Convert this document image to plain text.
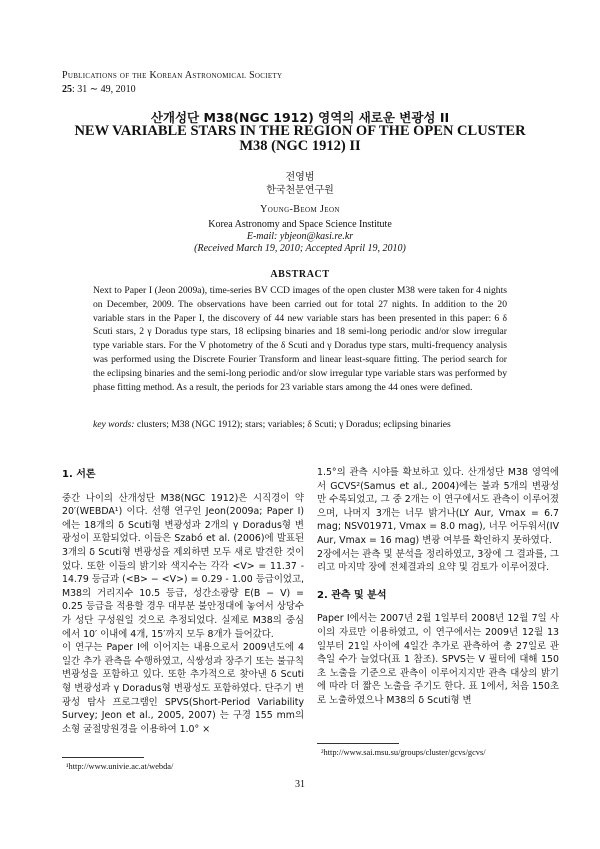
Publications of the Korean Astronomical Society
25: 31 ∼ 49, 2010
산개성단 M38(NGC 1912) 영역의 새로운 변광성 II
NEW VARIABLE STARS IN THE REGION OF THE OPEN CLUSTER M38 (NGC 1912) II
전영범
한국천문연구원
Young-Beom Jeon
Korea Astronomy and Space Science Institute
E-mail: ybjeon@kasi.re.kr
(Received March 19, 2010; Accepted April 19, 2010)
ABSTRACT
Next to Paper I (Jeon 2009a), time-series BV CCD images of the open cluster M38 were taken for 4 nights on December, 2009. The observations have been carried out for total 27 nights. In addition to the 20 variable stars in the Paper I, the discovery of 44 new variable stars has been presented in this paper: 6 δ Scuti stars, 2 γ Doradus type stars, 18 eclipsing binaries and 18 semi-long periodic and/or slow irregular type variable stars. For the V photometry of the δ Scuti and γ Doradus type stars, multi-frequency analysis was performed using the Discrete Fourier Transform and linear least-square fitting. The period search for the eclipsing binaries and the semi-long periodic and/or slow irregular type variable stars was performed by phase fitting method. As a result, the periods for 23 variable stars among the 44 ones were defined.
key words: clusters; M38 (NGC 1912); stars; variables; δ Scuti; γ Doradus; eclipsing binaries

1. 서론

중간 나이의 산개성단 M38(NGC 1912)은 시직경이 약 20′(WEBDA¹) 이다. 선행 연구인 Jeon(2009a; Paper I) 에는 18개의 δ Scuti형 변광성과 2개의 γ Doradus형 변광성이 포함되었다. 이들은 Szabó et al. (2006)에 발표된 3개의 δ Scuti형 변광성을 제외하면 모두 새로 발견한 것이었다. 또한 이들의 밝기와 색지수는 각각 <V> = 11.37 - 14.79 등급과 (<B> − <V>) = 0.29 - 1.00 등급이었고, M38의 거리지수 10.5 등급, 성간소광량 E(B − V) = 0.25 등급을 적용할 경우 대부분 불안정대에 놓여서 상당수가 성단 구성원일 것으로 추정되었다. 실제로 M38의 중심에서 10′ 이내에 4개, 15′까지 모두 8개가 들어갔다.

이 연구는 Paper I에 이어지는 내용으로서 2009년도에 4일간 추가 관측을 수행하였고, 식쌍성과 장주기 또는 불규칙 변광성을 포함하고 있다. 또한 추가적으로 찾아낸 δ Scuti형 변광성과 γ Doradus형 변광성도 포함하였다. 단주기 변광성 탐사 프로그램인 SPVS(Short-Period Variability Survey; Jeon et al., 2005, 2007) 는 구경 155 mm의 소형 굴절망원경을 이용하여 1.0° ×

¹http://www.univie.ac.at/webda/

1.5°의 관측 시야를 확보하고 있다. 산개성단 M38 영역에서 GCVS²(Samus et al., 2004)에는 불과 5개의 변광성만 수록되었고, 그 중 2개는 이 연구에서도 관측이 이루어졌으며, 나머지 3개는 너무 밝거나(LY Aur, Vmax = 6.7 mag; NSV01971, Vmax = 8.0 mag), 너무 어두워서(IV Aur, Vmax = 16 mag) 변광 여부를 확인하지 못하였다.

2장에서는 관측 및 분석을 정리하였고, 3장에 그 결과를, 그리고 마지막 장에 전체결과의 요약 및 검토가 이루어졌다.

2. 관측 및 분석

Paper I에서는 2007년 2월 1일부터 2008년 12월 7일 사이의 자료만 이용하였고, 이 연구에서는 2009년 12월 13일부터 21일 사이에 4일간 추가로 관측하여 총 27일로 관측일 수가 늘었다(표 1 참조). SPVS는 V 필터에 대해 150초 노출을 기준으로 관측이 이루어지지만 관측 대상의 밝기에 따라 더 짧은 노출을 주기도 한다. 표 1에서, 처음 150초로 노출하였으나 M38의 δ Scuti형 변

²http://www.sai.msu.su/groups/cluster/gcvs/gcvs/
31
